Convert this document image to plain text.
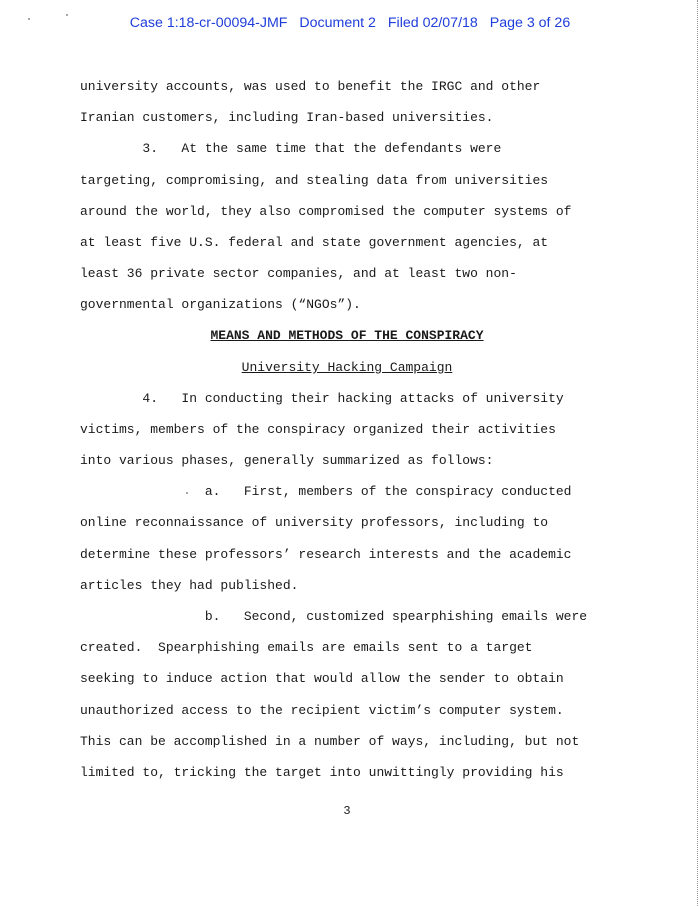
Case 1:18-cr-00094-JMF Document 2 Filed 02/07/18 Page 3 of 26
university accounts, was used to benefit the IRGC and other
Iranian customers, including Iran-based universities.
3.   At the same time that the defendants were
targeting, compromising, and stealing data from universities
around the world, they also compromised the computer systems of
at least five U.S. federal and state government agencies, at
least 36 private sector companies, and at least two non-
governmental organizations (“NGOs”).
MEANS AND METHODS OF THE CONSPIRACY
University Hacking Campaign
4.   In conducting their hacking attacks of university
victims, members of the conspiracy organized their activities
into various phases, generally summarized as follows:
a.   First, members of the conspiracy conducted
online reconnaissance of university professors, including to
determine these professors’ research interests and the academic
articles they had published.
b.   Second, customized spearphishing emails were
created.  Spearphishing emails are emails sent to a target
seeking to induce action that would allow the sender to obtain
unauthorized access to the recipient victim’s computer system.
This can be accomplished in a number of ways, including, but not
limited to, tricking the target into unwittingly providing his
3
